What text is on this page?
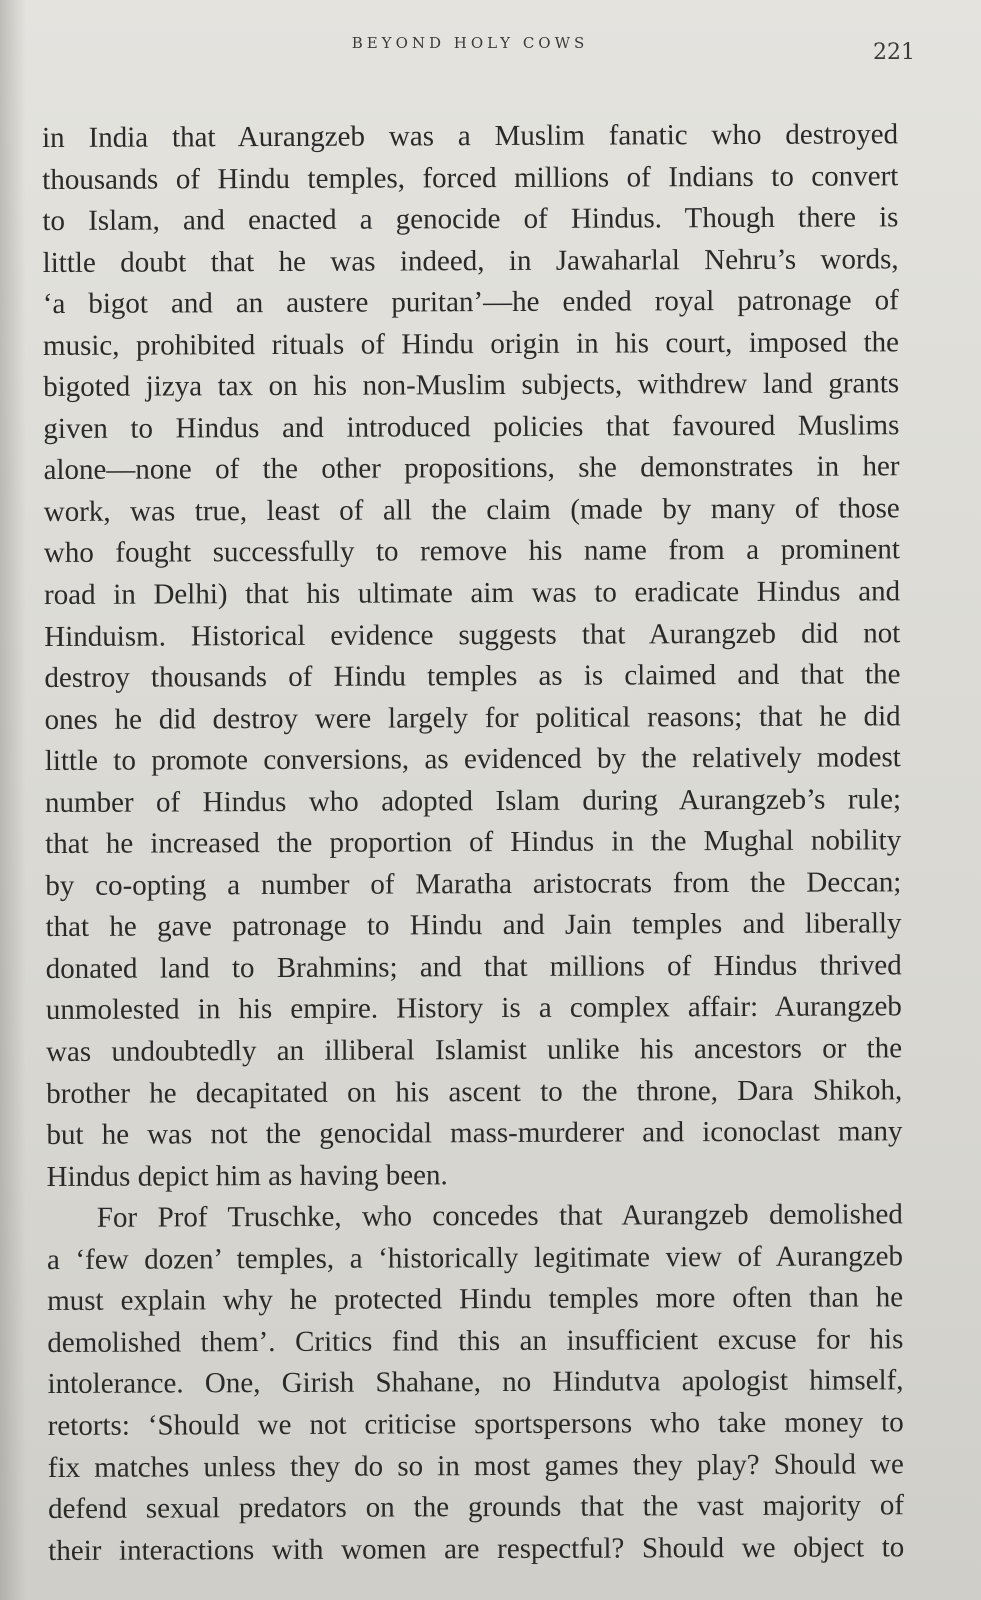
BEYOND HOLY COWS	221
in India that Aurangzeb was a Muslim fanatic who destroyed
thousands of Hindu temples, forced millions of Indians to convert
to Islam, and enacted a genocide of Hindus. Though there is
little doubt that he was indeed, in Jawaharlal Nehru’s words,
‘a bigot and an austere puritan’—he ended royal patronage of
music, prohibited rituals of Hindu origin in his court, imposed the
bigoted jizya tax on his non-Muslim subjects, withdrew land grants
given to Hindus and introduced policies that favoured Muslims
alone—none of the other propositions, she demonstrates in her
work, was true, least of all the claim (made by many of those
who fought successfully to remove his name from a prominent
road in Delhi) that his ultimate aim was to eradicate Hindus and
Hinduism. Historical evidence suggests that Aurangzeb did not
destroy thousands of Hindu temples as is claimed and that the
ones he did destroy were largely for political reasons; that he did
little to promote conversions, as evidenced by the relatively modest
number of Hindus who adopted Islam during Aurangzeb’s rule;
that he increased the proportion of Hindus in the Mughal nobility
by co-opting a number of Maratha aristocrats from the Deccan;
that he gave patronage to Hindu and Jain temples and liberally
donated land to Brahmins; and that millions of Hindus thrived
unmolested in his empire. History is a complex affair: Aurangzeb
was undoubtedly an illiberal Islamist unlike his ancestors or the
brother he decapitated on his ascent to the throne, Dara Shikoh,
but he was not the genocidal mass-murderer and iconoclast many
Hindus depict him as having been.
For Prof Truschke, who concedes that Aurangzeb demolished
a ‘few dozen’ temples, a ‘historically legitimate view of Aurangzeb
must explain why he protected Hindu temples more often than he
demolished them’. Critics find this an insufficient excuse for his
intolerance. One, Girish Shahane, no Hindutva apologist himself,
retorts: ‘Should we not criticise sportspersons who take money to
fix matches unless they do so in most games they play? Should we
defend sexual predators on the grounds that the vast majority of
their interactions with women are respectful? Should we object to
